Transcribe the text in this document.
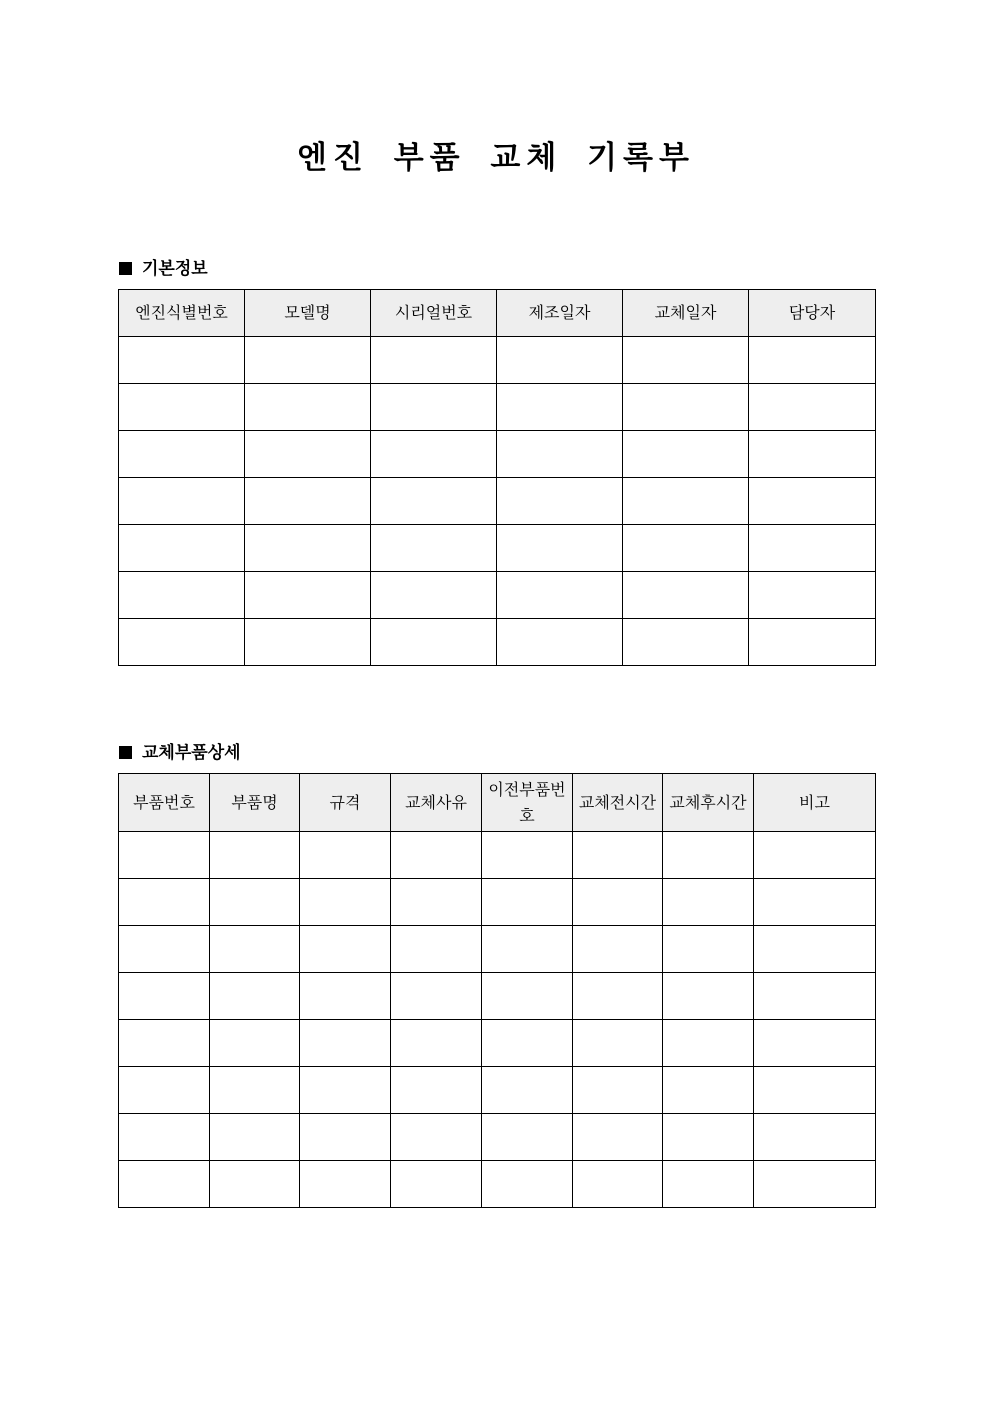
엔진 부품 교체 기록부
기본정보
엔진식별번호	모델명	시리얼번호	제조일자	교체일자	담당자

교체부품상세
부품번호	부품명	규격	교체사유	이전부품번호	교체전시간	교체후시간	비고
